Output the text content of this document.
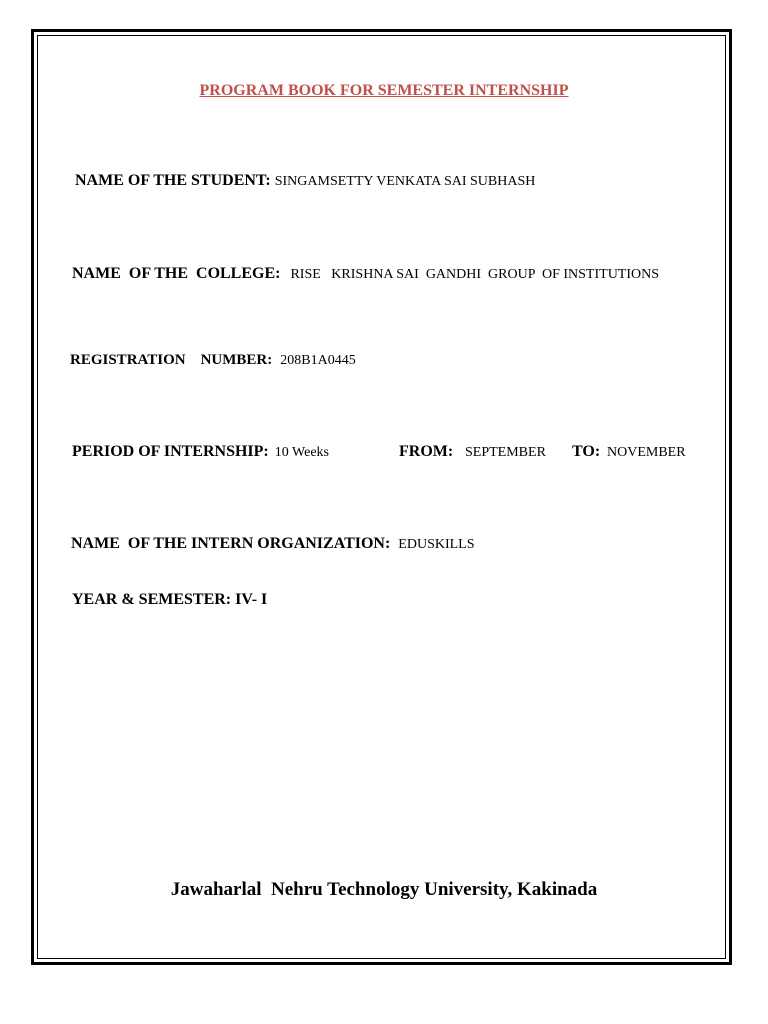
PROGRAM BOOK FOR SEMESTER INTERNSHIP
NAME OF THE STUDENT: SINGAMSETTY VENKATA SAI SUBHASH
NAME  OF THE  COLLEGE: RISE   KRISHNA SAI  GANDHI  GROUP  OF INSTITUTIONS
REGISTRATION    NUMBER: 208B1A0445
PERIOD OF INTERNSHIP: 10 Weeks	FROM: SEPTEMBER TO: NOVEMBER
NAME  OF THE INTERN ORGANIZATION: EDUSKILLS
YEAR & SEMESTER: IV- I
Jawaharlal  Nehru Technology University, Kakinada
